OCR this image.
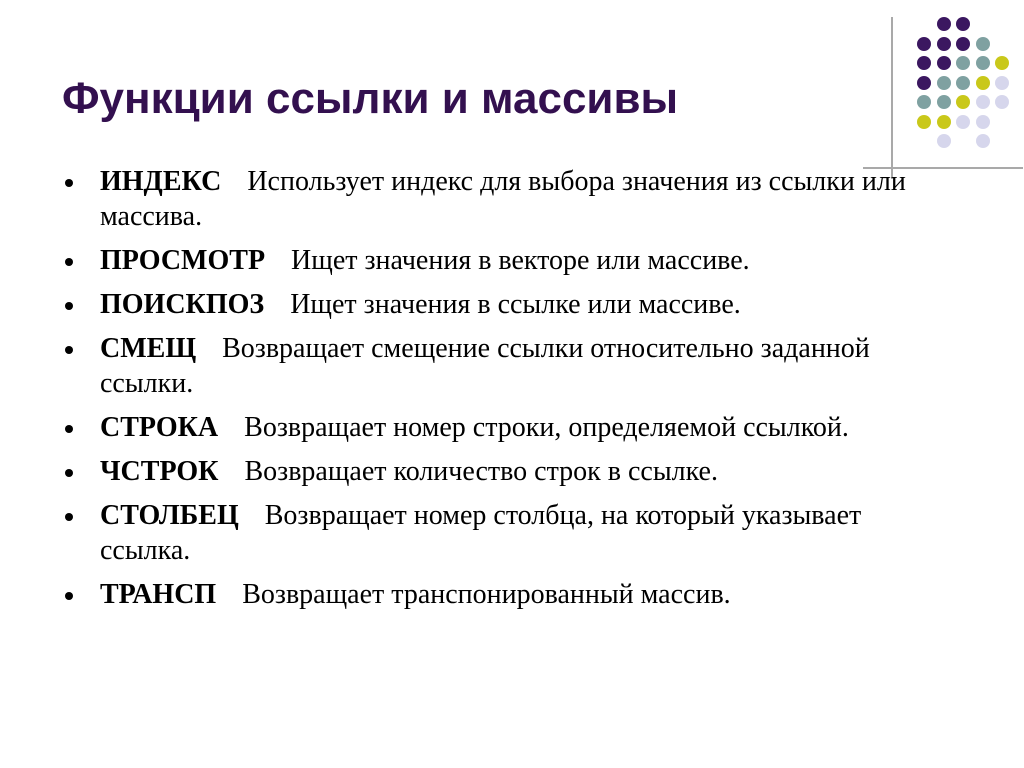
Функции ссылки и массивы
ИНДЕКС Использует индекс для выбора значения из ссылки или массива.
ПРОСМОТР Ищет значения в векторе или массиве.
ПОИСКПОЗ Ищет значения в ссылке или массиве.
СМЕЩ Возвращает смещение ссылки относительно заданной ссылки.
СТРОКА Возвращает номер строки, определяемой ссылкой.
ЧСТРОК Возвращает количество строк в ссылке.
СТОЛБЕЦ Возвращает номер столбца, на который указывает ссылка.
ТРАНСП Возвращает транспонированный массив.
